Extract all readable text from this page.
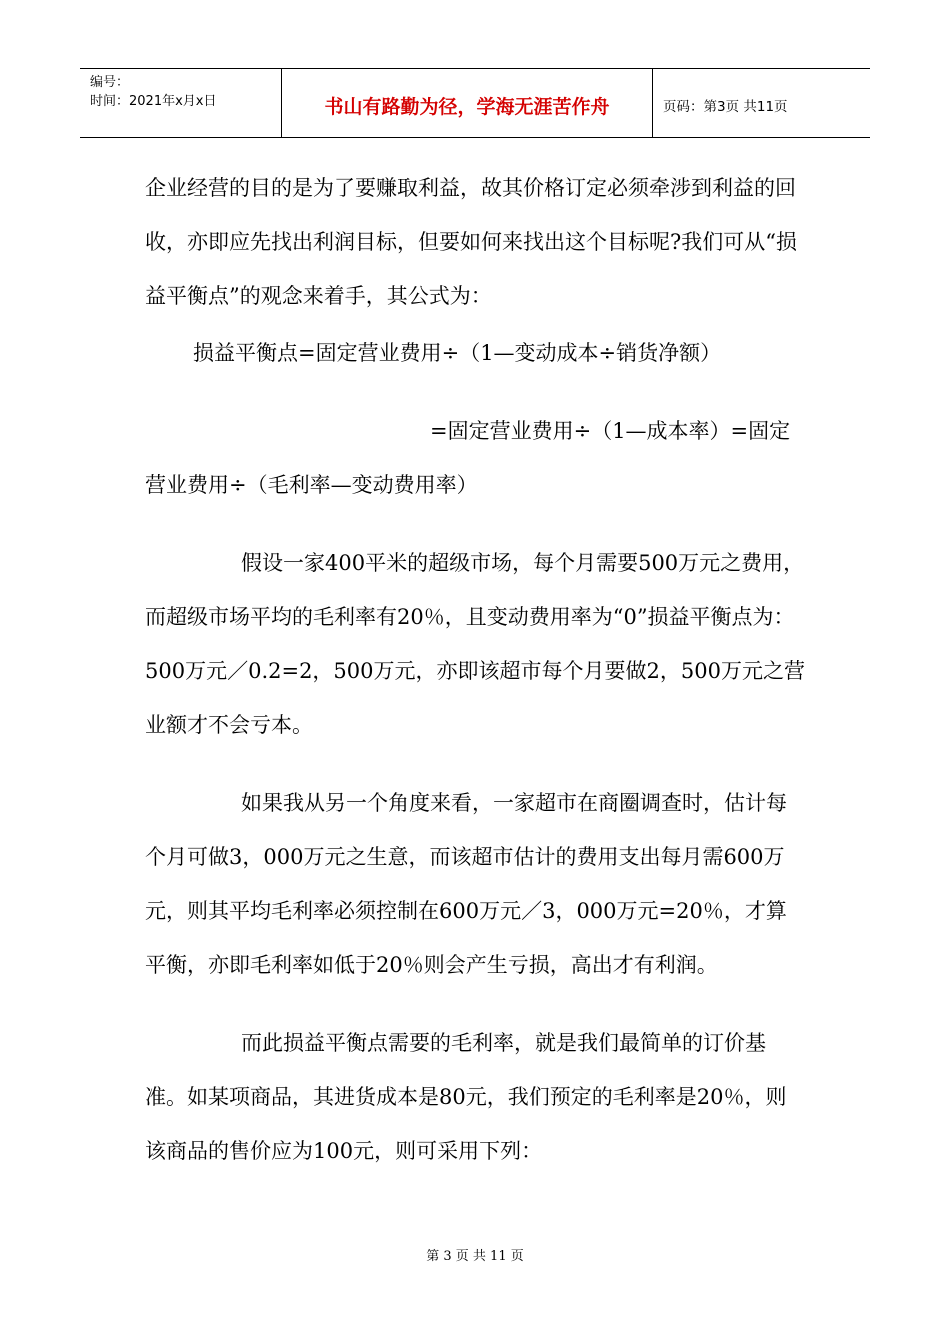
编号：
时间：2021年x月x日	书山有路勤为径，学海无涯苦作舟	页码：第3页 共11页

企业经营的目的是为了要赚取利益，故其价格订定必须牵涉到利益的回收，亦即应先找出利润目标，但要如何来找出这个目标呢?我们可从“损益平衡点”的观念来着手，其公式为：

损益平衡点=固定营业费用÷（1—变动成本÷销货净额）

=固定营业费用÷（1—成本率）=固定营业费用÷（毛利率—变动费用率）

假设一家400平米的超级市场，每个月需要500万元之费用，而超级市场平均的毛利率有20％，且变动费用率为“0”损益平衡点为：500万元／0.2=2，500万元，亦即该超市每个月要做2，500万元之营业额才不会亏本。

如果我从另一个角度来看，一家超市在商圈调查时，估计每个月可做3，000万元之生意，而该超市估计的费用支出每月需600万元，则其平均毛利率必须控制在600万元／3，000万元=20％，才算平衡，亦即毛利率如低于20％则会产生亏损，高出才有利润。

而此损益平衡点需要的毛利率，就是我们最简单的订价基准。如某项商品，其进货成本是80元，我们预定的毛利率是20％，则该商品的售价应为100元，则可采用下列：

第 3 页 共 11 页
